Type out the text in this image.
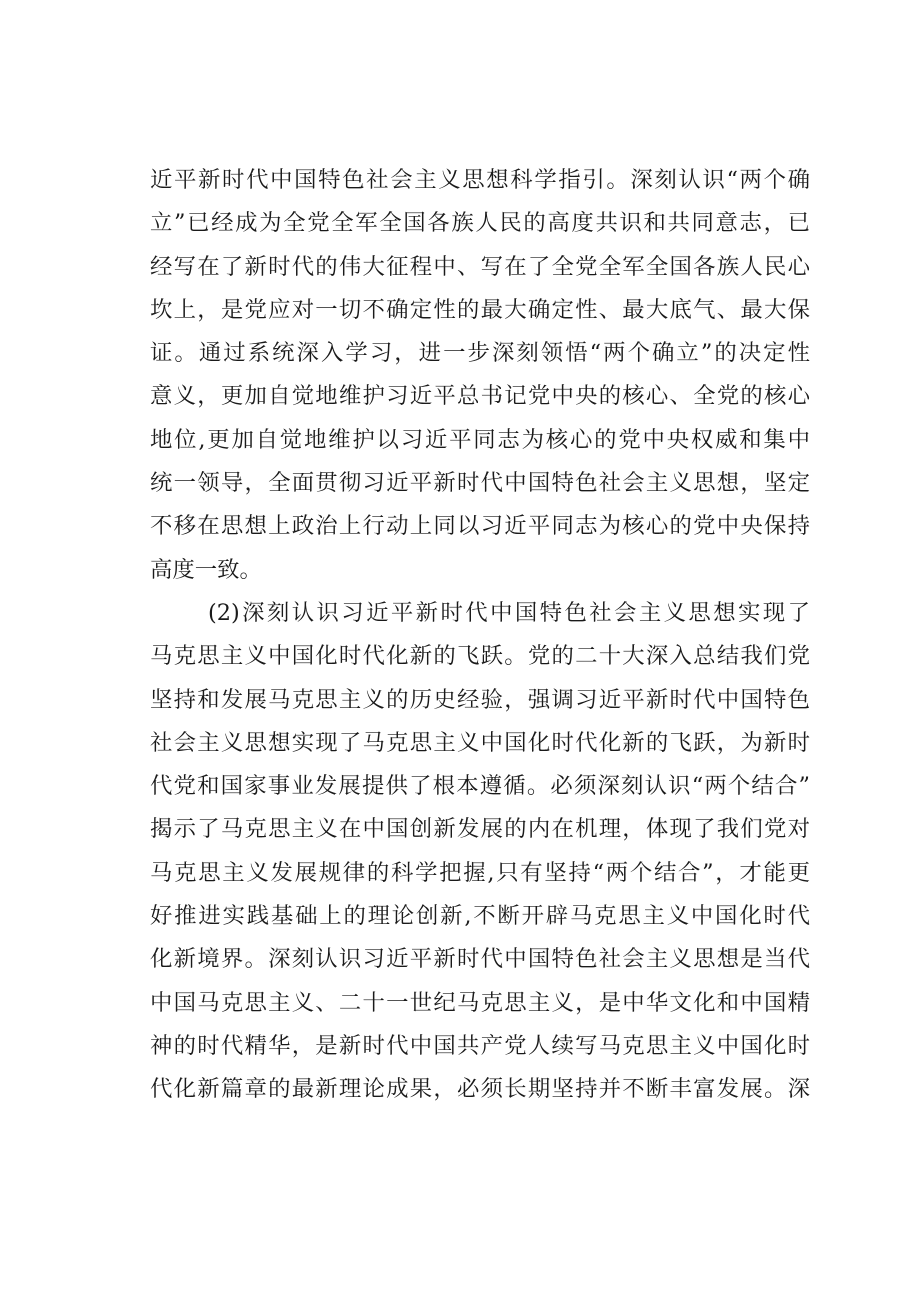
近平新时代中国特色社会主义思想科学指引。深刻认识“两个确
立”已经成为全党全军全国各族人民的高度共识和共同意志，已
经写在了新时代的伟大征程中、写在了全党全军全国各族人民心
坎上，是党应对一切不确定性的最大确定性、最大底气、最大保
证。通过系统深入学习，进一步深刻领悟“两个确立”的决定性
意义，更加自觉地维护习近平总书记党中央的核心、全党的核心
地位,更加自觉地维护以习近平同志为核心的党中央权威和集中
统一领导，全面贯彻习近平新时代中国特色社会主义思想，坚定
不移在思想上政治上行动上同以习近平同志为核心的党中央保持
高度一致。
(2)深刻认识习近平新时代中国特色社会主义思想实现了
马克思主义中国化时代化新的飞跃。党的二十大深入总结我们党
坚持和发展马克思主义的历史经验，强调习近平新时代中国特色
社会主义思想实现了马克思主义中国化时代化新的飞跃，为新时
代党和国家事业发展提供了根本遵循。必须深刻认识“两个结合”
揭示了马克思主义在中国创新发展的内在机理，体现了我们党对
马克思主义发展规律的科学把握,只有坚持“两个结合”，才能更
好推进实践基础上的理论创新,不断开辟马克思主义中国化时代
化新境界。深刻认识习近平新时代中国特色社会主义思想是当代
中国马克思主义、二十一世纪马克思主义，是中华文化和中国精
神的时代精华，是新时代中国共产党人续写马克思主义中国化时
代化新篇章的最新理论成果，必须长期坚持并不断丰富发展。深
